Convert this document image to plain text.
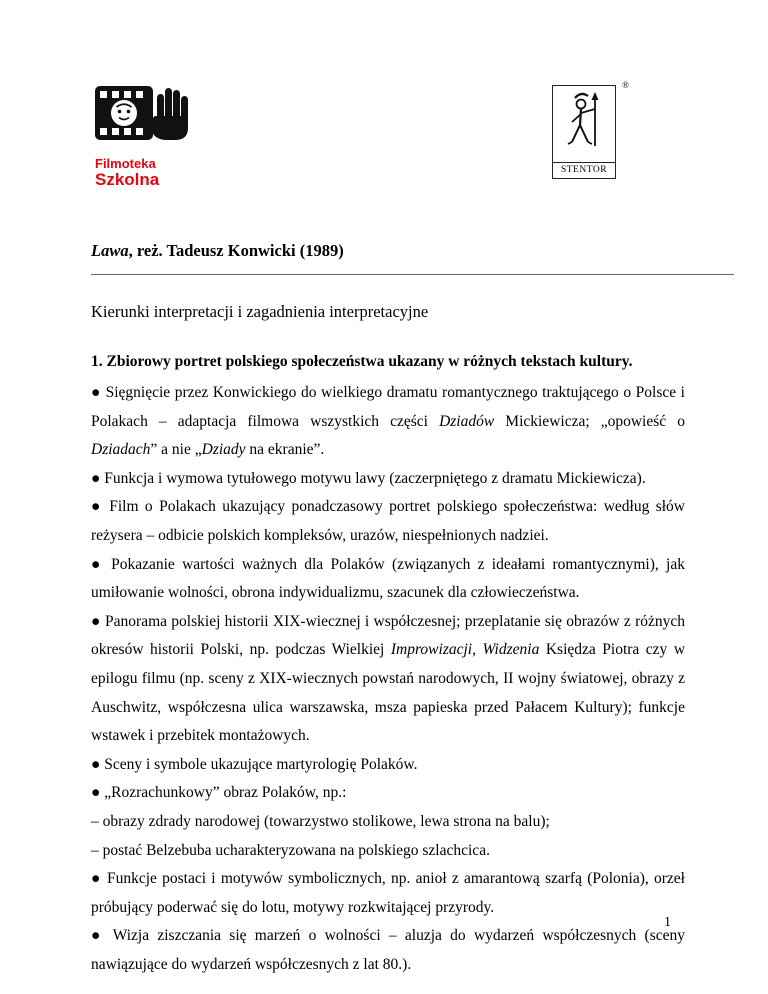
Filmoteka
Szkolna
®
STENTOR
Lawa, reż. Tadeusz Konwicki (1989)
Kierunki interpretacji i zagadnienia interpretacyjne
1. Zbiorowy portret polskiego społeczeństwa ukazany w różnych tekstach kultury.
● Sięgnięcie przez Konwickiego do wielkiego dramatu romantycznego traktującego o Polsce i Polakach – adaptacja filmowa wszystkich części Dziadów Mickiewicza; „opowieść o Dziadach” a nie „Dziady na ekranie”.
● Funkcja i wymowa tytułowego motywu lawy (zaczerpniętego z dramatu Mickiewicza).
● Film o Polakach ukazujący ponadczasowy portret polskiego społeczeństwa: według słów reżysera – odbicie polskich kompleksów, urazów, niespełnionych nadziei.
● Pokazanie wartości ważnych dla Polaków (związanych z ideałami romantycznymi), jak umiłowanie wolności, obrona indywidualizmu, szacunek dla człowieczeństwa.
● Panorama polskiej historii XIX-wiecznej i współczesnej; przeplatanie się obrazów z różnych okresów historii Polski, np. podczas Wielkiej Improwizacji, Widzenia Księdza Piotra czy w epilogu filmu (np. sceny z XIX-wiecznych powstań narodowych, II wojny światowej, obrazy z Auschwitz, współczesna ulica warszawska, msza papieska przed Pałacem Kultury); funkcje wstawek i przebitek montażowych.
● Sceny i symbole ukazujące martyrologię Polaków.
● „Rozrachunkowy” obraz Polaków, np.:
– obrazy zdrady narodowej (towarzystwo stolikowe, lewa strona na balu);
– postać Belzebuba ucharakteryzowana na polskiego szlachcica.
● Funkcje postaci i motywów symbolicznych, np. anioł z amarantową szarfą (Polonia), orzeł próbujący poderwać się do lotu, motywy rozkwitającej przyrody.
● Wizja ziszczania się marzeń o wolności – aluzja do wydarzeń współczesnych (sceny nawiązujące do wydarzeń współczesnych z lat 80.).
1
